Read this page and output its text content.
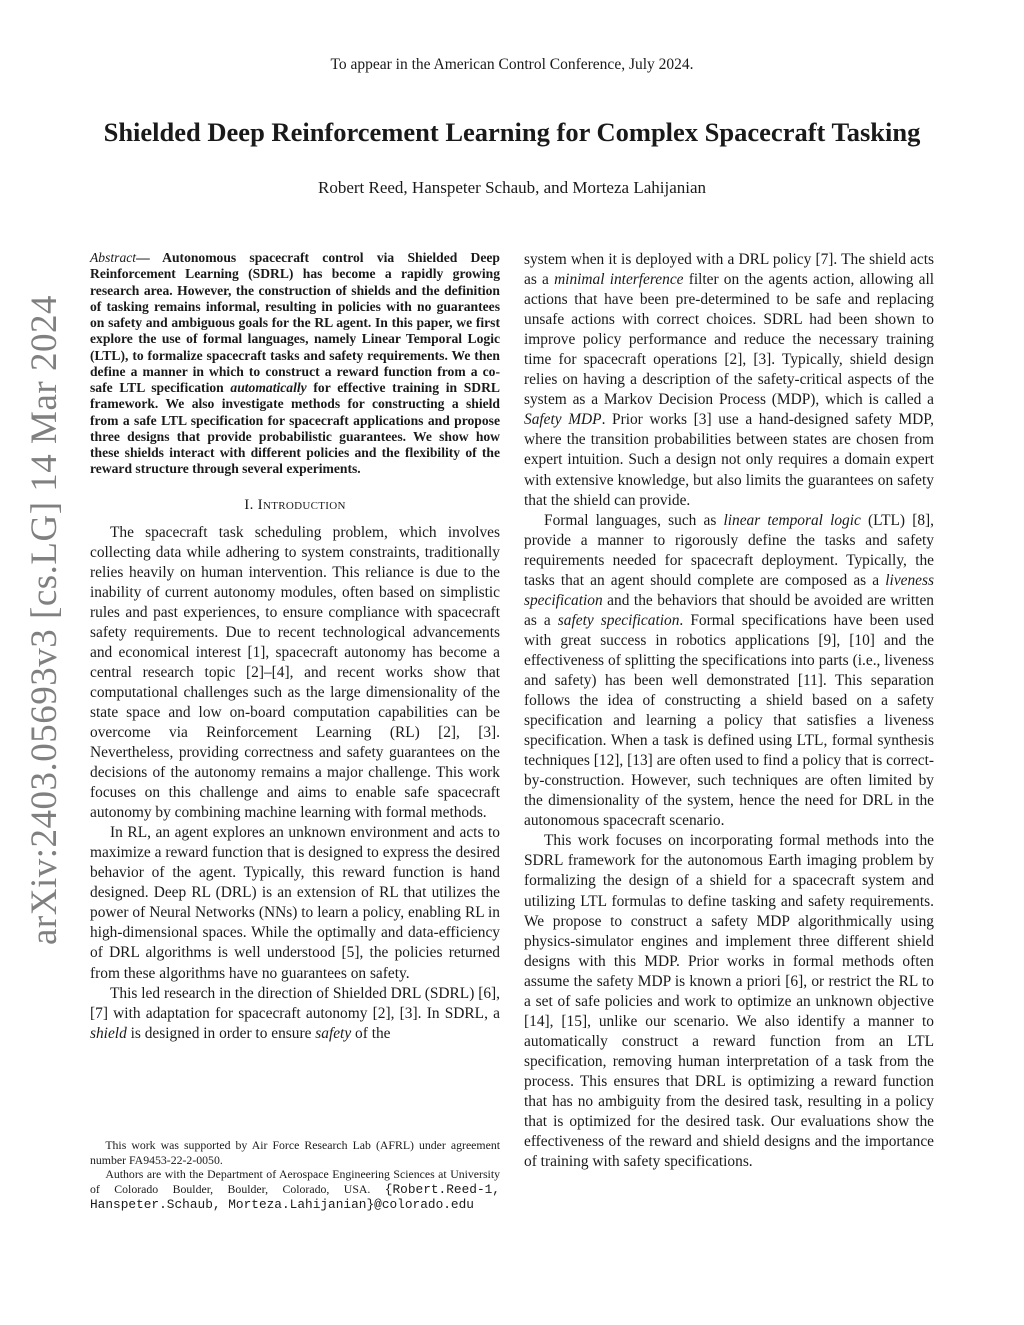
To appear in the American Control Conference, July 2024.
Shielded Deep Reinforcement Learning for Complex Spacecraft Tasking
Robert Reed, Hanspeter Schaub, and Morteza Lahijanian
arXiv:2403.05693v3 [cs.LG] 14 Mar 2024

Abstract— Autonomous spacecraft control via Shielded Deep Reinforcement Learning (SDRL) has become a rapidly growing research area. However, the construction of shields and the definition of tasking remains informal, resulting in policies with no guarantees on safety and ambiguous goals for the RL agent. In this paper, we first explore the use of formal languages, namely Linear Temporal Logic (LTL), to formalize spacecraft tasks and safety requirements. We then define a manner in which to construct a reward function from a co-safe LTL specification automatically for effective training in SDRL framework. We also investigate methods for constructing a shield from a safe LTL specification for spacecraft applications and propose three designs that provide probabilistic guarantees. We show how these shields interact with different policies and the flexibility of the reward structure through several experiments.

I. Introduction

The spacecraft task scheduling problem, which involves collecting data while adhering to system constraints, traditionally relies heavily on human intervention. This reliance is due to the inability of current autonomy modules, often based on simplistic rules and past experiences, to ensure compliance with spacecraft safety requirements. Due to recent technological advancements and economical interest [1], spacecraft autonomy has become a central research topic [2]–[4], and recent works show that computational challenges such as the large dimensionality of the state space and low on-board computation capabilities can be overcome via Reinforcement Learning (RL) [2], [3]. Nevertheless, providing correctness and safety guarantees on the decisions of the autonomy remains a major challenge. This work focuses on this challenge and aims to enable safe spacecraft autonomy by combining machine learning with formal methods.

In RL, an agent explores an unknown environment and acts to maximize a reward function that is designed to express the desired behavior of the agent. Typically, this reward function is hand designed. Deep RL (DRL) is an extension of RL that utilizes the power of Neural Networks (NNs) to learn a policy, enabling RL in high-dimensional spaces. While the optimally and data-efficiency of DRL algorithms is well understood [5], the policies returned from these algorithms have no guarantees on safety.

This led research in the direction of Shielded DRL (SDRL) [6], [7] with adaptation for spacecraft autonomy [2], [3]. In SDRL, a shield is designed in order to ensure safety of the

This work was supported by Air Force Research Lab (AFRL) under agreement number FA9453-22-2-0050.

Authors are with the Department of Aerospace Engineering Sciences at University of Colorado Boulder, Boulder, Colorado, USA. {Robert.Reed-1, Hanspeter.Schaub, Morteza.Lahijanian}@colorado.edu

system when it is deployed with a DRL policy [7]. The shield acts as a minimal interference filter on the agents action, allowing all actions that have been pre-determined to be safe and replacing unsafe actions with correct choices. SDRL had been shown to improve policy performance and reduce the necessary training time for spacecraft operations [2], [3]. Typically, shield design relies on having a description of the safety-critical aspects of the system as a Markov Decision Process (MDP), which is called a Safety MDP. Prior works [3] use a hand-designed safety MDP, where the transition probabilities between states are chosen from expert intuition. Such a design not only requires a domain expert with extensive knowledge, but also limits the guarantees on safety that the shield can provide.

Formal languages, such as linear temporal logic (LTL) [8], provide a manner to rigorously define the tasks and safety requirements needed for spacecraft deployment. Typically, the tasks that an agent should complete are composed as a liveness specification and the behaviors that should be avoided are written as a safety specification. Formal specifications have been used with great success in robotics applications [9], [10] and the effectiveness of splitting the specifications into parts (i.e., liveness and safety) has been well demonstrated [11]. This separation follows the idea of constructing a shield based on a safety specification and learning a policy that satisfies a liveness specification. When a task is defined using LTL, formal synthesis techniques [12], [13] are often used to find a policy that is correct-by-construction. However, such techniques are often limited by the dimensionality of the system, hence the need for DRL in the autonomous spacecraft scenario.

This work focuses on incorporating formal methods into the SDRL framework for the autonomous Earth imaging problem by formalizing the design of a shield for a spacecraft system and utilizing LTL formulas to define tasking and safety requirements. We propose to construct a safety MDP algorithmically using physics-simulator engines and implement three different shield designs with this MDP. Prior works in formal methods often assume the safety MDP is known a priori [6], or restrict the RL to a set of safe policies and work to optimize an unknown objective [14], [15], unlike our scenario. We also identify a manner to automatically construct a reward function from an LTL specification, removing human interpretation of a task from the process. This ensures that DRL is optimizing a reward function that has no ambiguity from the desired task, resulting in a policy that is optimized for the desired task. Our evaluations show the effectiveness of the reward and shield designs and the importance of training with safety specifications.
